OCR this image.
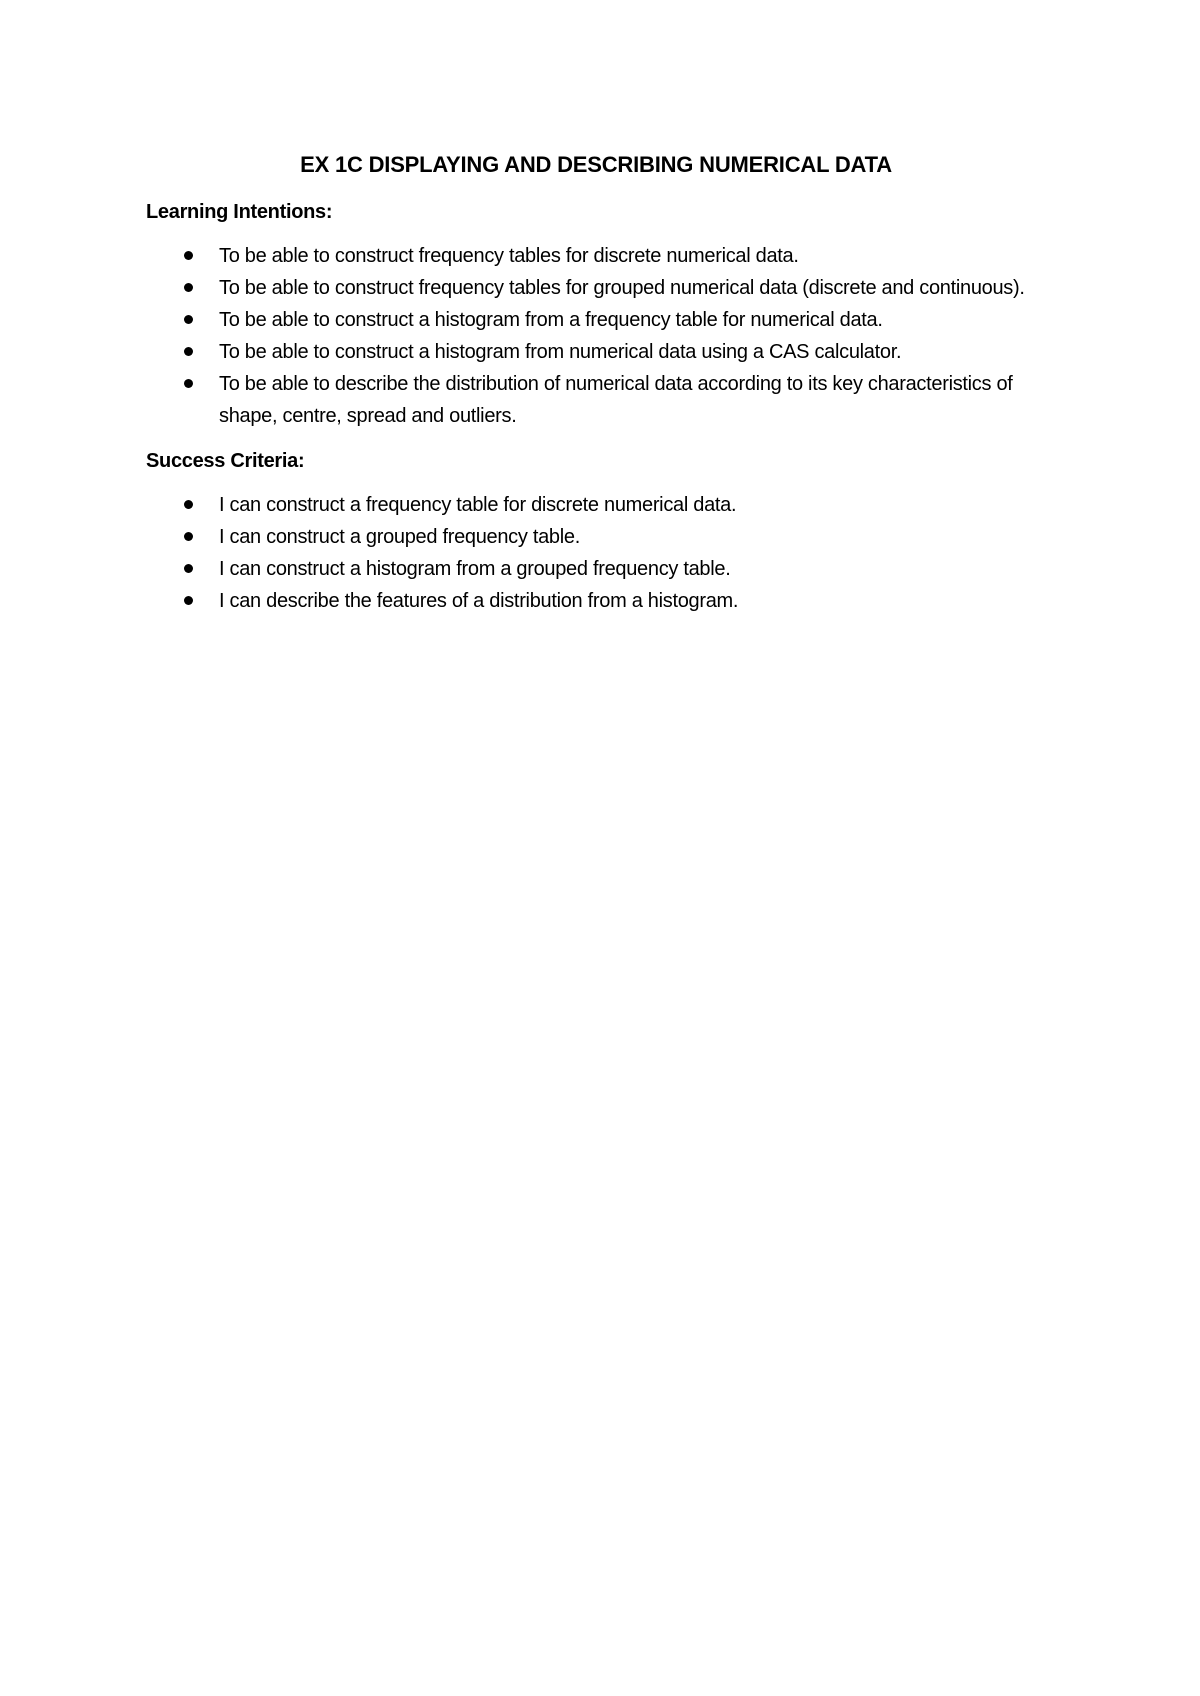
EX 1C DISPLAYING AND DESCRIBING NUMERICAL DATA
Learning Intentions:
To be able to construct frequency tables for discrete numerical data.
To be able to construct frequency tables for grouped numerical data (discrete and continuous).
To be able to construct a histogram from a frequency table for numerical data.
To be able to construct a histogram from numerical data using a CAS calculator.
To be able to describe the distribution of numerical data according to its key characteristics of shape, centre, spread and outliers.
Success Criteria:
I can construct a frequency table for discrete numerical data.
I can construct a grouped frequency table.
I can construct a histogram from a grouped frequency table.
I can describe the features of a distribution from a histogram.
